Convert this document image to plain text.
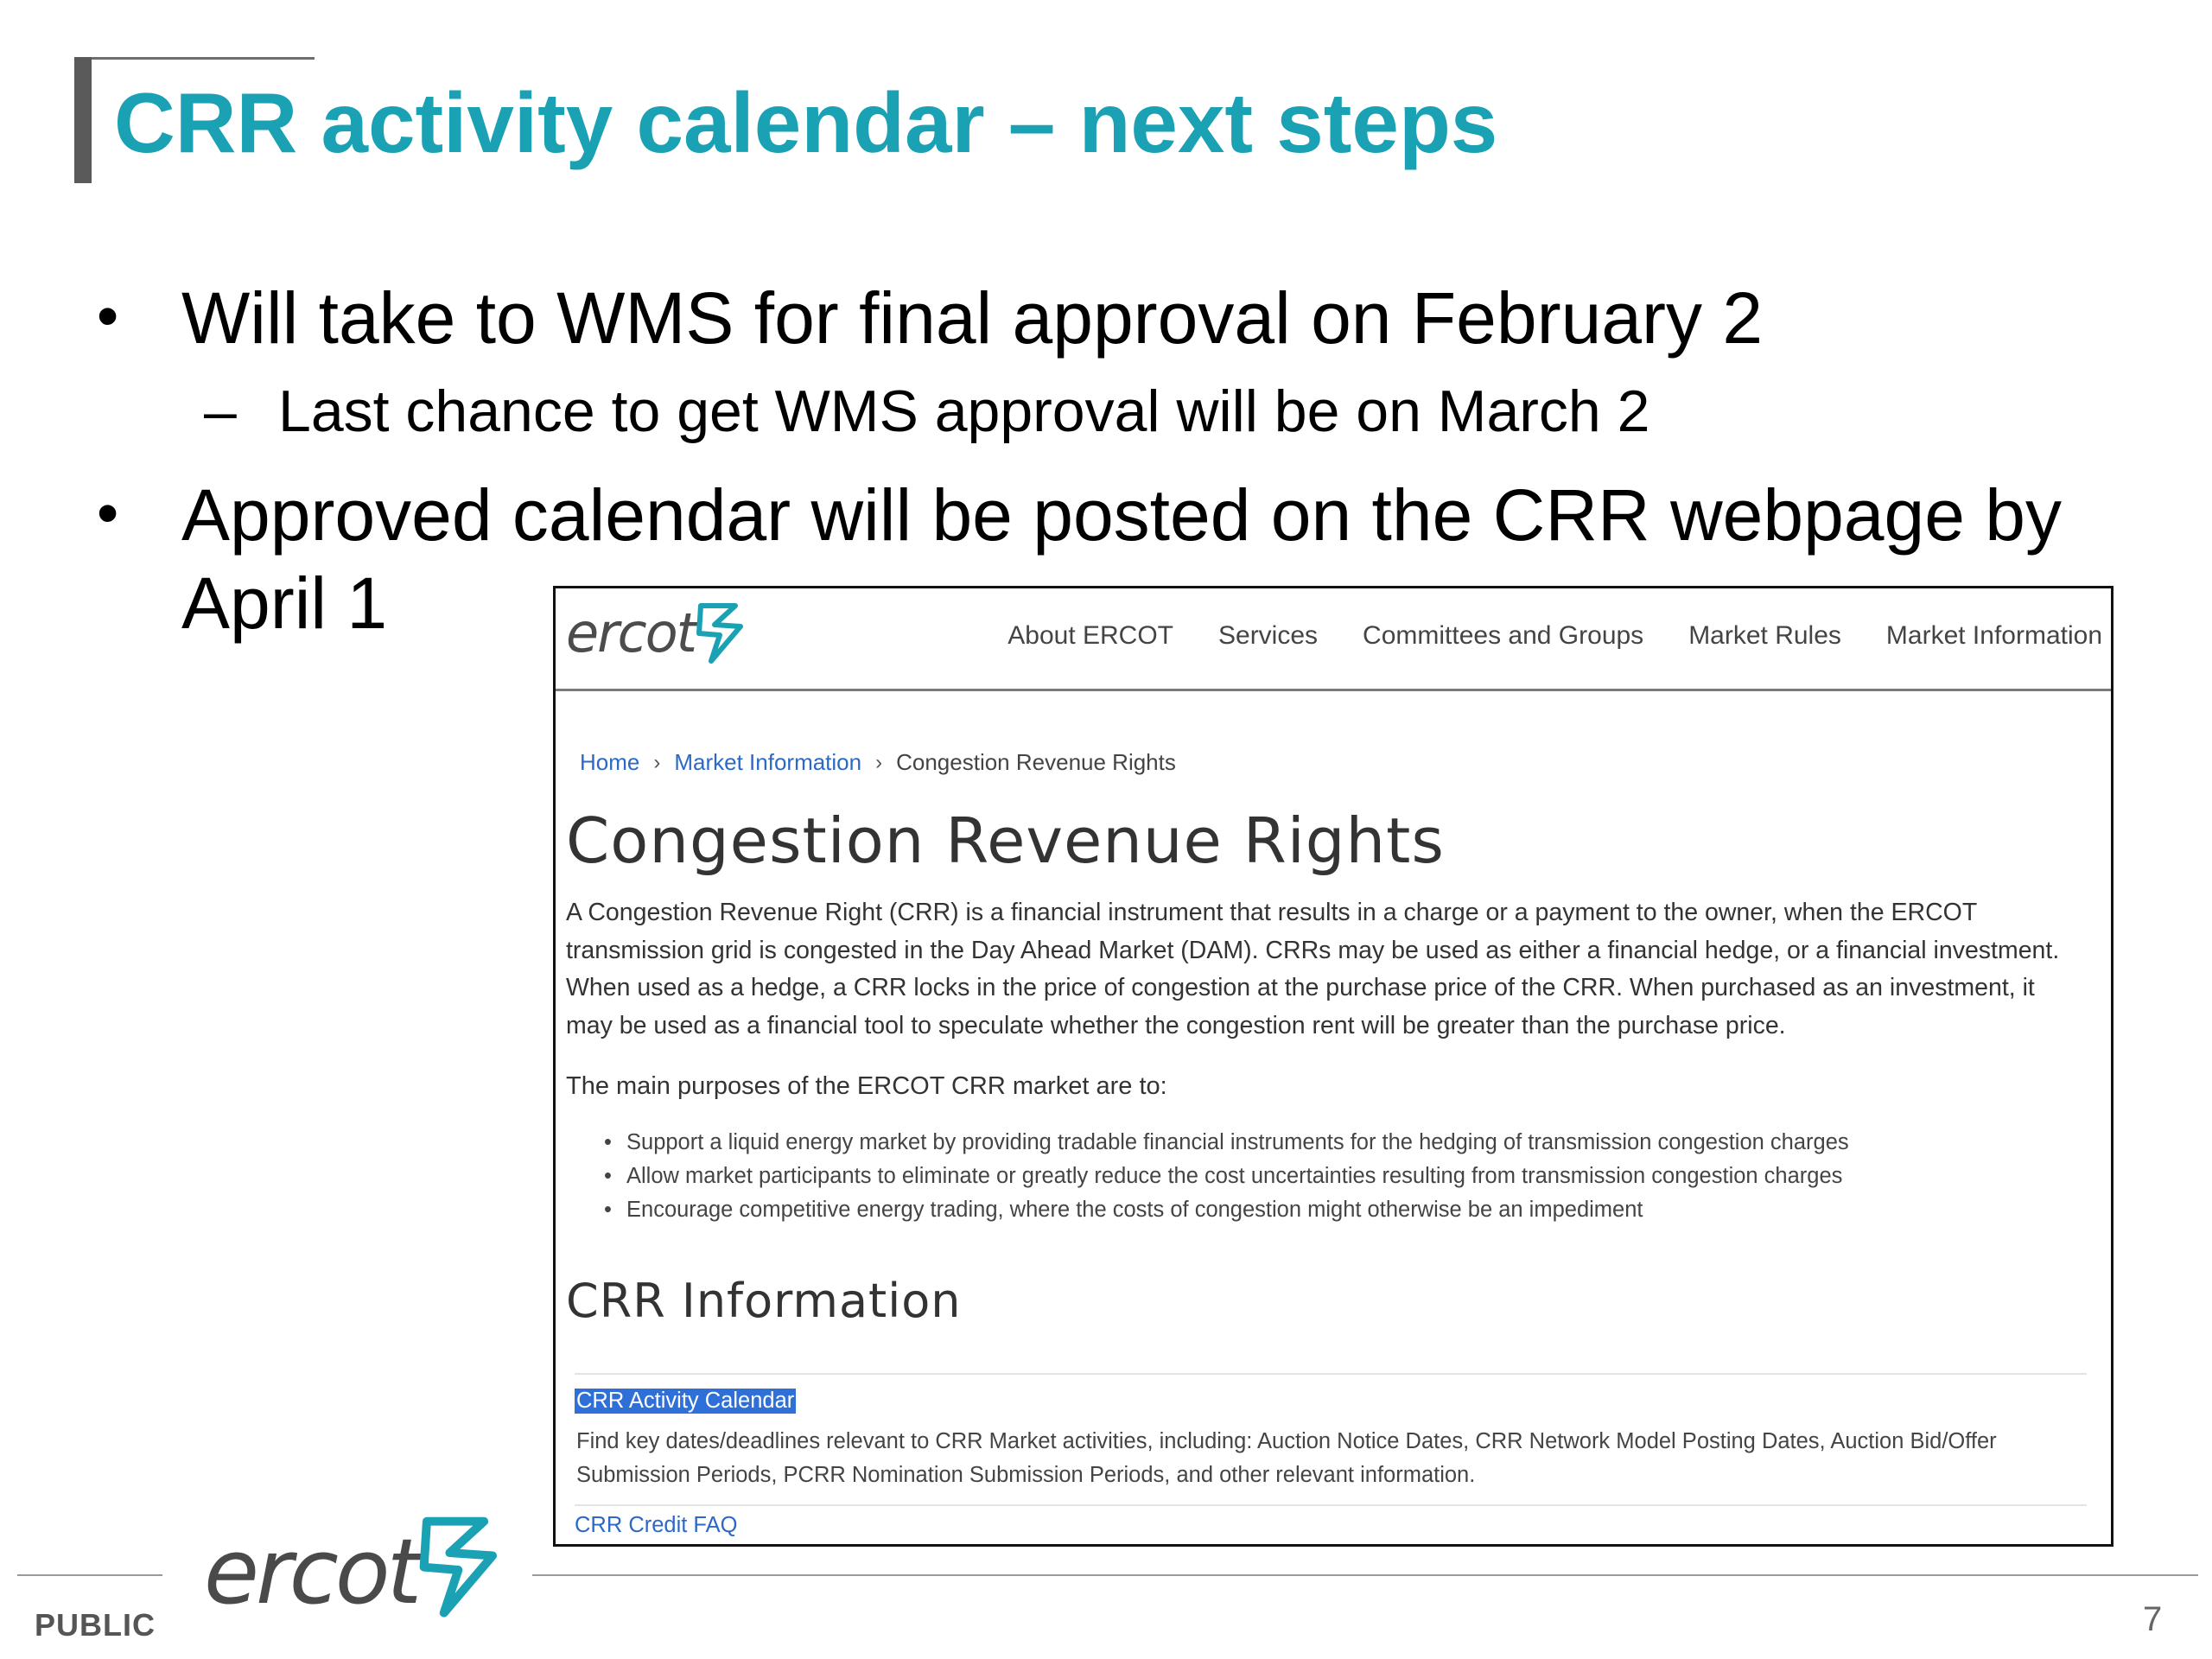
CRR activity calendar – next steps
• Will take to WMS for final approval on February 2
– Last chance to get WMS approval will be on March 2
• Approved calendar will be posted on the CRR webpage by
April 1	ercot	About ERCOT Services Committees and Groups Market Rules Market Information
Home › Market Information › Congestion Revenue Rights
Congestion Revenue Rights

A Congestion Revenue Right (CRR) is a financial instrument that results in a charge or a payment to the owner, when the ERCOT transmission grid is congested in the Day Ahead Market (DAM). CRRs may be used as either a financial hedge, or a financial investment. When used as a hedge, a CRR locks in the price of congestion at the purchase price of the CRR. When purchased as an investment, it may be used as a financial tool to speculate whether the congestion rent will be greater than the purchase price.

The main purposes of the ERCOT CRR market are to:

• Support a liquid energy market by providing tradable financial instruments for the hedging of transmission congestion charges
• Allow market participants to eliminate or greatly reduce the cost uncertainties resulting from transmission congestion charges
• Encourage competitive energy trading, where the costs of congestion might otherwise be an impediment
CRR Information
CRR Activity Calendar

Find key dates/deadlines relevant to CRR Market activities, including: Auction Notice Dates, CRR Network Model Posting Dates, Auction Bid/Offer Submission Periods, PCRR Nomination Submission Periods, and other relevant information.

CRR Credit FAQ
ercot
PUBLIC	7
